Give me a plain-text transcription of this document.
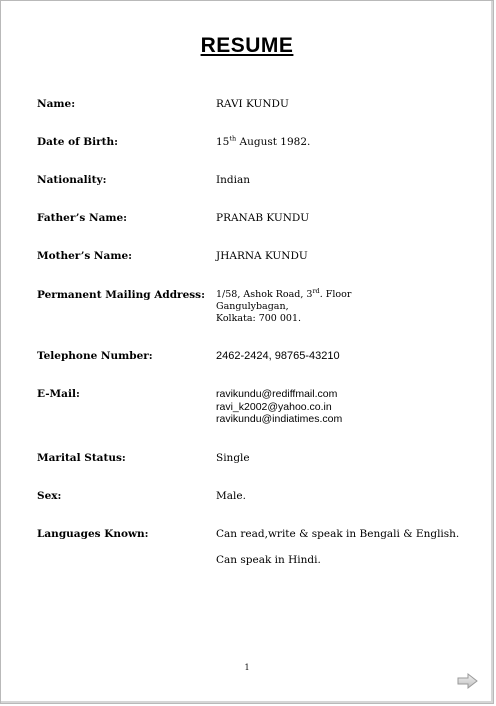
RESUME
Name:	RAVI KUNDU
Date of Birth:	15th August 1982.
Nationality:	Indian
Father’s Name:	PRANAB KUNDU
Mother’s Name:	JHARNA KUNDU
Permanent Mailing Address:	1/58, Ashok Road, 3rd. Floor
Gangulybagan,
Kolkata: 700 001.
Telephone Number:	2462-2424, 98765-43210
E-Mail:	ravikundu@rediffmail.com
ravi_k2002@yahoo.co.in
ravikundu@indiatimes.com
Marital Status:	Single
Sex:	Male.
Languages Known:	Can read,write & speak in Bengali & English.
Can speak in Hindi.
1
